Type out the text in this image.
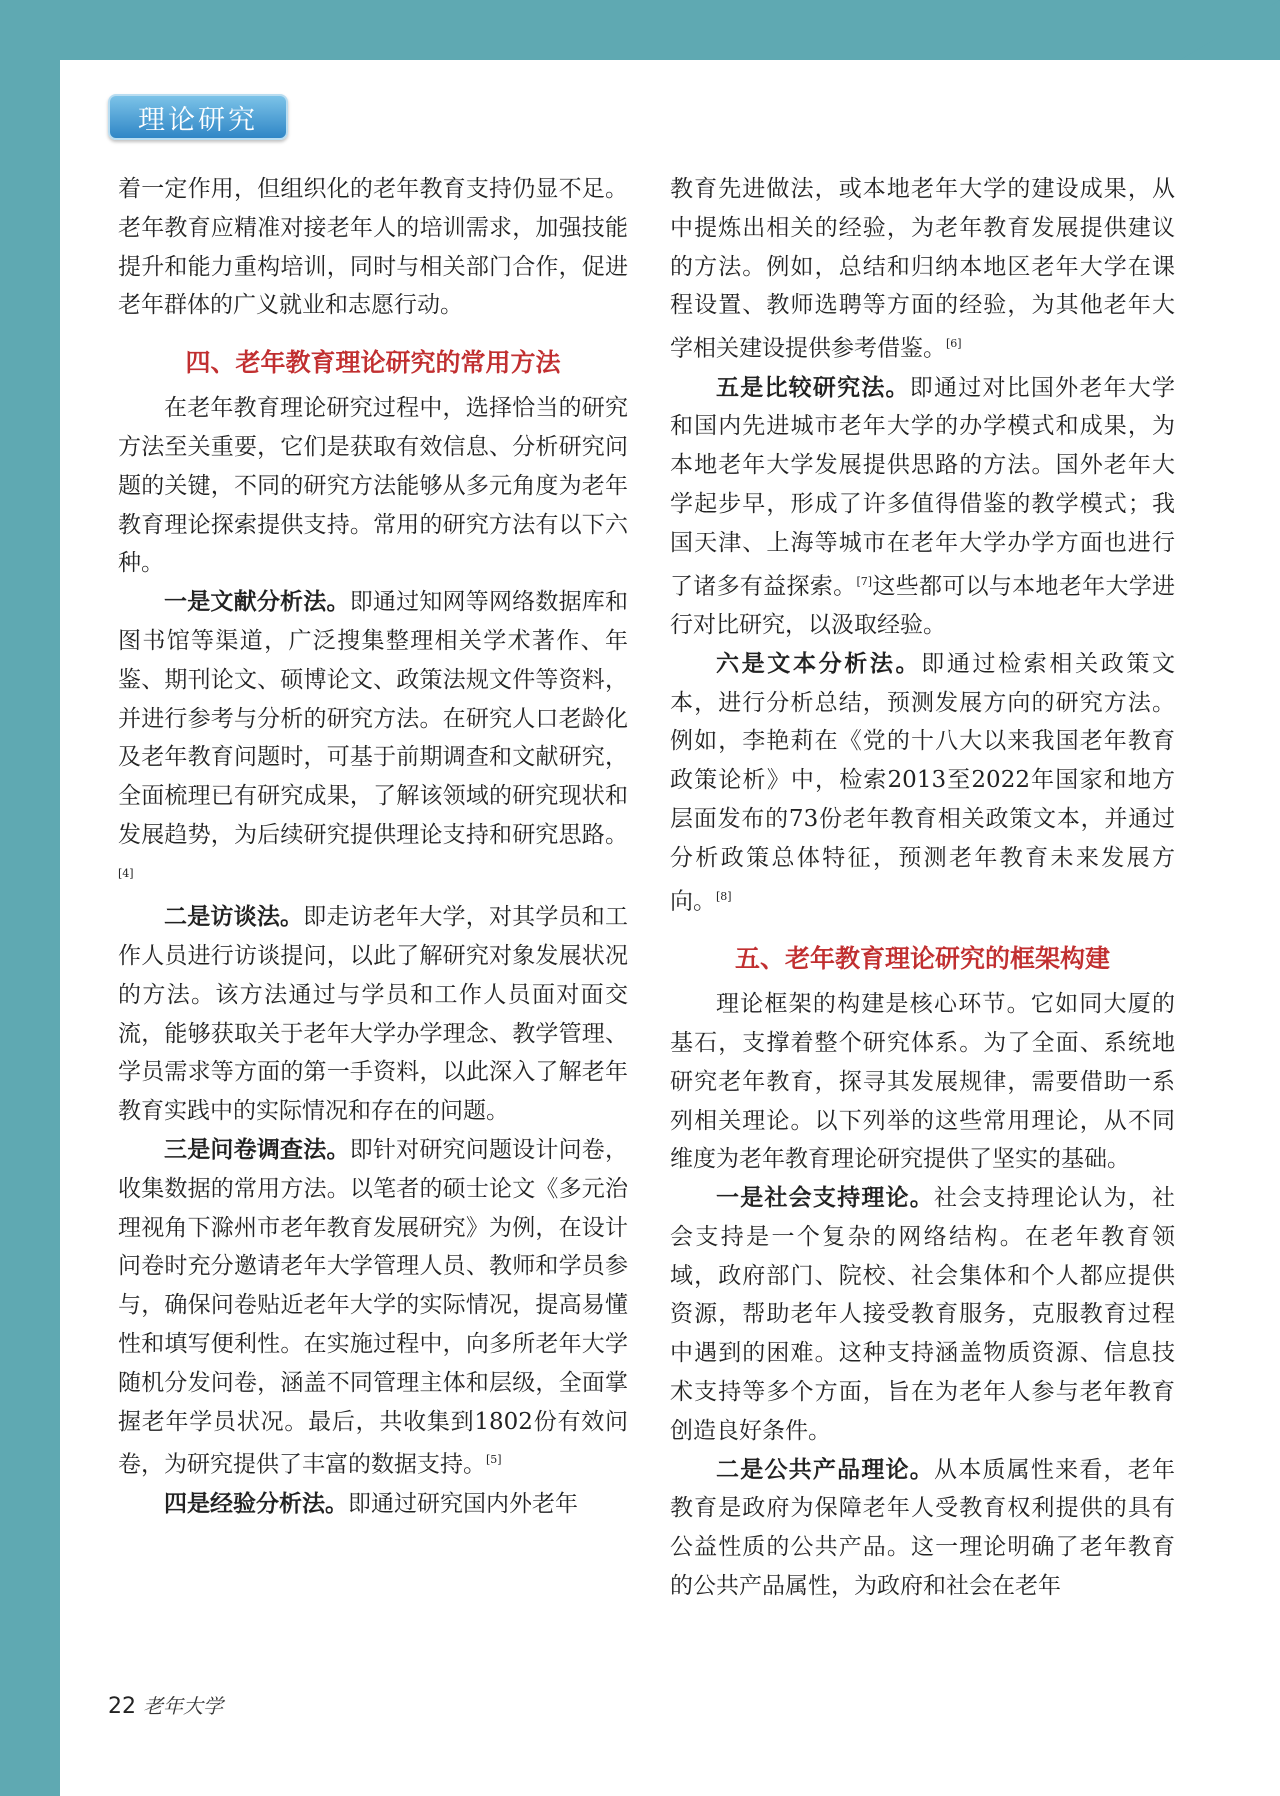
理论研究

着一定作用，但组织化的老年教育支持仍显不足。老年教育应精准对接老年人的培训需求，加强技能提升和能力重构培训，同时与相关部门合作，促进老年群体的广义就业和志愿行动。

四、老年教育理论研究的常用方法

在老年教育理论研究过程中，选择恰当的研究方法至关重要，它们是获取有效信息、分析研究问题的关键，不同的研究方法能够从多元角度为老年教育理论探索提供支持。常用的研究方法有以下六种。

一是文献分析法。即通过知网等网络数据库和图书馆等渠道，广泛搜集整理相关学术著作、年鉴、期刊论文、硕博论文、政策法规文件等资料，并进行参考与分析的研究方法。在研究人口老龄化及老年教育问题时，可基于前期调查和文献研究，全面梳理已有研究成果，了解该领域的研究现状和发展趋势，为后续研究提供理论支持和研究思路。[4]

二是访谈法。即走访老年大学，对其学员和工作人员进行访谈提问，以此了解研究对象发展状况的方法。该方法通过与学员和工作人员面对面交流，能够获取关于老年大学办学理念、教学管理、学员需求等方面的第一手资料，以此深入了解老年教育实践中的实际情况和存在的问题。

三是问卷调查法。即针对研究问题设计问卷，收集数据的常用方法。以笔者的硕士论文《多元治理视角下滁州市老年教育发展研究》为例，在设计问卷时充分邀请老年大学管理人员、教师和学员参与，确保问卷贴近老年大学的实际情况，提高易懂性和填写便利性。在实施过程中，向多所老年大学随机分发问卷，涵盖不同管理主体和层级，全面掌握老年学员状况。最后，共收集到1802份有效问卷，为研究提供了丰富的数据支持。[5]

四是经验分析法。即通过研究国内外老年

教育先进做法，或本地老年大学的建设成果，从中提炼出相关的经验，为老年教育发展提供建议的方法。例如，总结和归纳本地区老年大学在课程设置、教师选聘等方面的经验，为其他老年大学相关建设提供参考借鉴。[6]

五是比较研究法。即通过对比国外老年大学和国内先进城市老年大学的办学模式和成果，为本地老年大学发展提供思路的方法。国外老年大学起步早，形成了许多值得借鉴的教学模式；我国天津、上海等城市在老年大学办学方面也进行了诸多有益探索。[7]这些都可以与本地老年大学进行对比研究，以汲取经验。

六是文本分析法。即通过检索相关政策文本，进行分析总结，预测发展方向的研究方法。例如，李艳莉在《党的十八大以来我国老年教育政策论析》中，检索2013至2022年国家和地方层面发布的73份老年教育相关政策文本，并通过分析政策总体特征，预测老年教育未来发展方向。[8]

五、老年教育理论研究的框架构建

理论框架的构建是核心环节。它如同大厦的基石，支撑着整个研究体系。为了全面、系统地研究老年教育，探寻其发展规律，需要借助一系列相关理论。以下列举的这些常用理论，从不同维度为老年教育理论研究提供了坚实的基础。

一是社会支持理论。社会支持理论认为，社会支持是一个复杂的网络结构。在老年教育领域，政府部门、院校、社会集体和个人都应提供资源，帮助老年人接受教育服务，克服教育过程中遇到的困难。这种支持涵盖物质资源、信息技术支持等多个方面，旨在为老年人参与老年教育创造良好条件。

二是公共产品理论。从本质属性来看，老年教育是政府为保障老年人受教育权利提供的具有公益性质的公共产品。这一理论明确了老年教育的公共产品属性，为政府和社会在老年

22 老年大学
